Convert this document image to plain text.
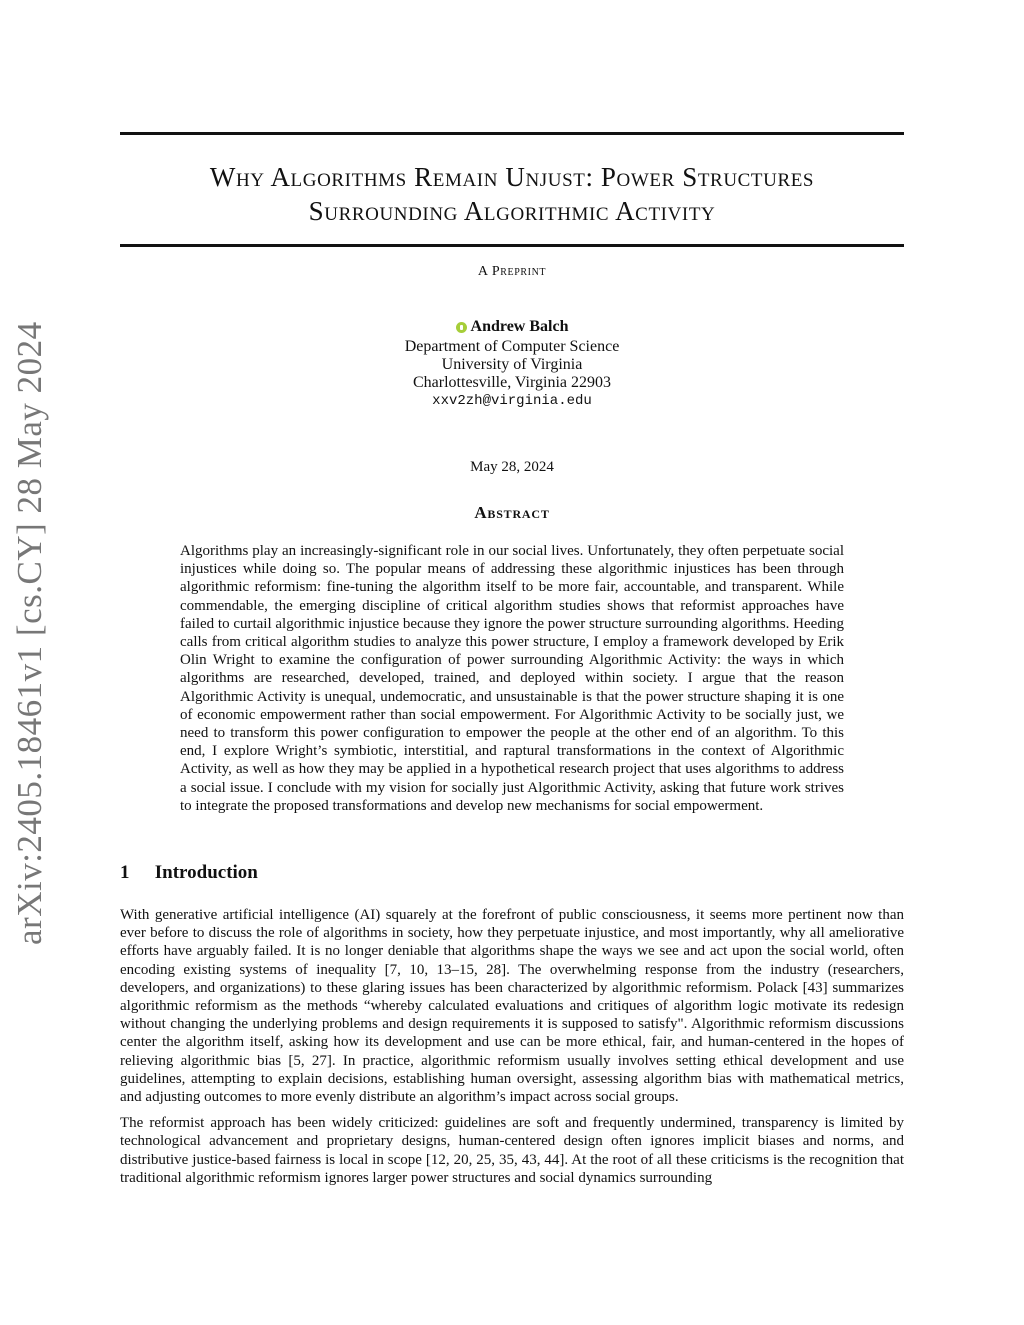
arXiv:2405.18461v1 [cs.CY] 28 May 2024
Why Algorithms Remain Unjust: Power Structures
Surrounding Algorithmic Activity
A Preprint
Andrew Balch
Department of Computer Science
University of Virginia
Charlottesville, Virginia 22903
xxv2zh@virginia.edu
May 28, 2024
Abstract
Algorithms play an increasingly-significant role in our social lives. Unfortunately, they often perpetuate social injustices while doing so. The popular means of addressing these algorithmic injustices has been through algorithmic reformism: fine-tuning the algorithm itself to be more fair, accountable, and transparent. While commendable, the emerging discipline of critical algorithm studies shows that reformist approaches have failed to curtail algorithmic injustice because they ignore the power structure surrounding algorithms. Heeding calls from critical algorithm studies to analyze this power structure, I employ a framework developed by Erik Olin Wright to examine the configuration of power surrounding Algorithmic Activity: the ways in which algorithms are researched, developed, trained, and deployed within society. I argue that the reason Algorithmic Activity is unequal, undemocratic, and unsustainable is that the power structure shaping it is one of economic empowerment rather than social empowerment. For Algorithmic Activity to be socially just, we need to transform this power configuration to empower the people at the other end of an algorithm. To this end, I explore Wright’s symbiotic, interstitial, and raptural transformations in the context of Algorithmic Activity, as well as how they may be applied in a hypothetical research project that uses algorithms to address a social issue. I conclude with my vision for socially just Algorithmic Activity, asking that future work strives to integrate the proposed transformations and develop new mechanisms for social empowerment.
1 Introduction

With generative artificial intelligence (AI) squarely at the forefront of public consciousness, it seems more pertinent now than ever before to discuss the role of algorithms in society, how they perpetuate injustice, and most importantly, why all ameliorative efforts have arguably failed. It is no longer deniable that algorithms shape the ways we see and act upon the social world, often encoding existing systems of inequality [7, 10, 13–15, 28]. The overwhelming response from the industry (researchers, developers, and organizations) to these glaring issues has been characterized by algorithmic reformism. Polack [43] summarizes algorithmic reformism as the methods “whereby calculated evaluations and critiques of algorithm logic motivate its redesign without changing the underlying problems and design requirements it is supposed to satisfy". Algorithmic reformism discussions center the algorithm itself, asking how its development and use can be more ethical, fair, and human-centered in the hopes of relieving algorithmic bias [5, 27]. In practice, algorithmic reformism usually involves setting ethical development and use guidelines, attempting to explain decisions, establishing human oversight, assessing algorithm bias with mathematical metrics, and adjusting outcomes to more evenly distribute an algorithm’s impact across social groups.

The reformist approach has been widely criticized: guidelines are soft and frequently undermined, transparency is limited by technological advancement and proprietary designs, human-centered design often ignores implicit biases and norms, and distributive justice-based fairness is local in scope [12, 20, 25, 35, 43, 44]. At the root of all these criticisms is the recognition that traditional algorithmic reformism ignores larger power structures and social dynamics surrounding
